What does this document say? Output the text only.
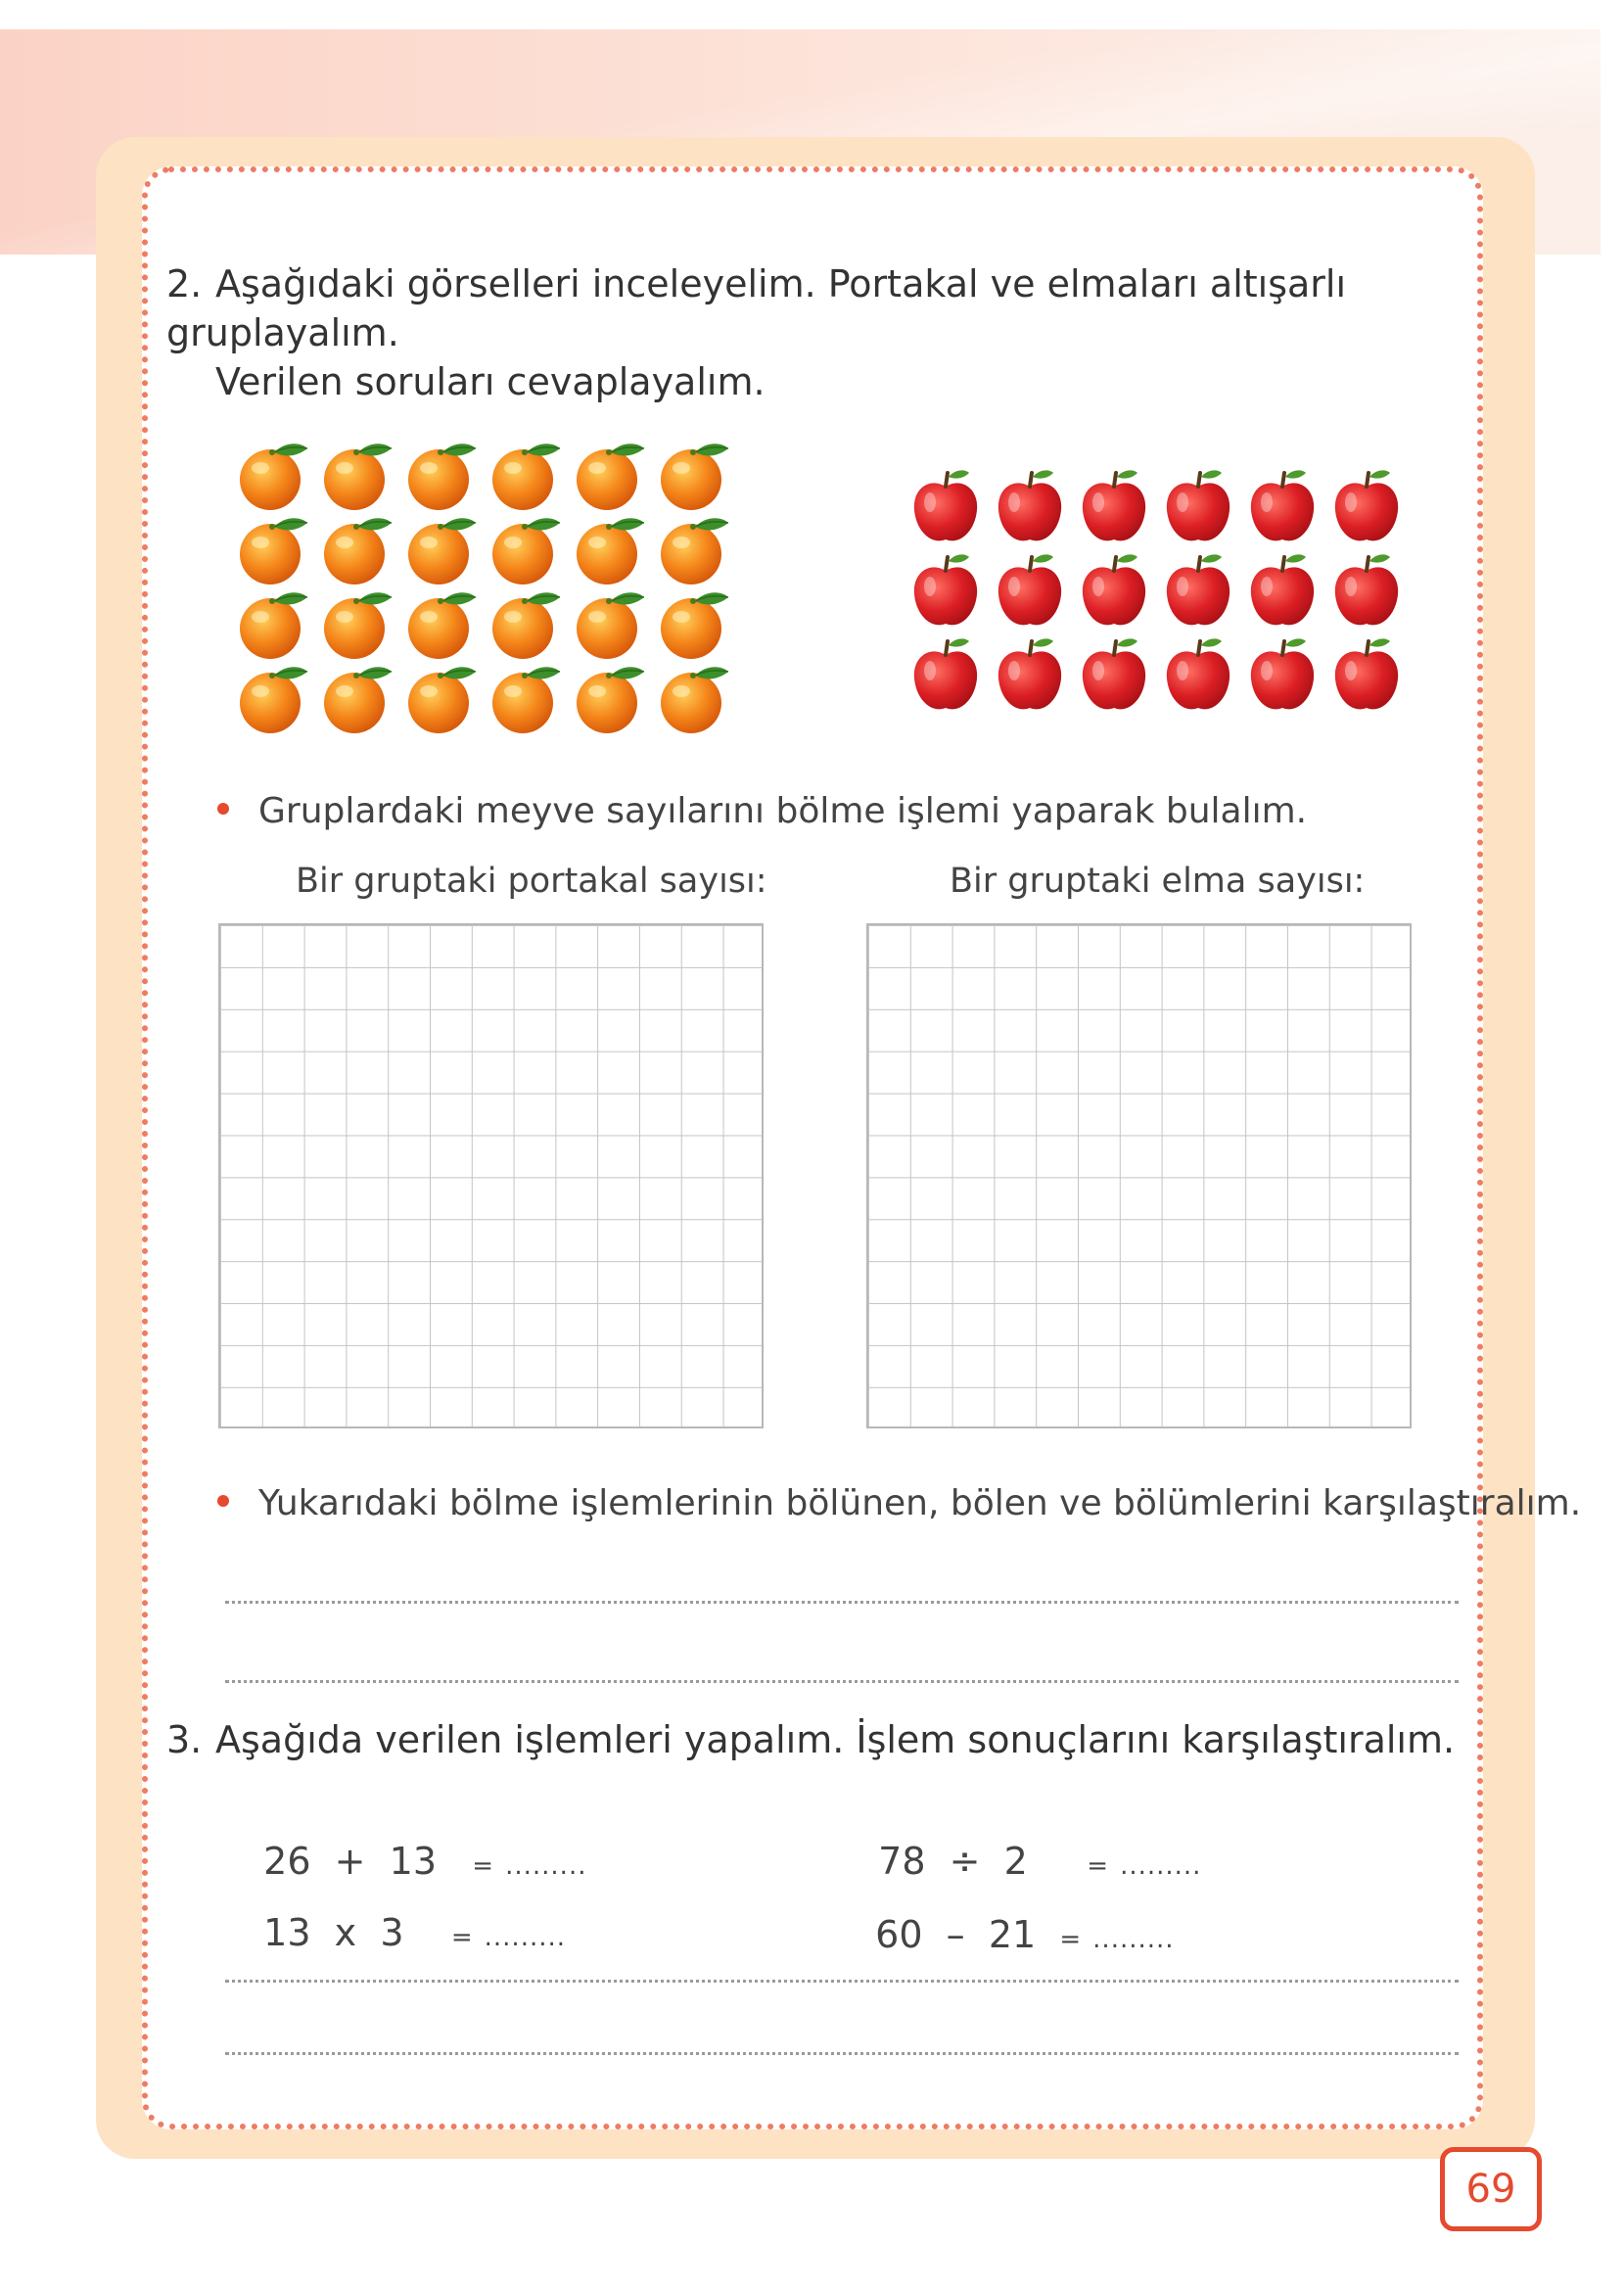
2. Aşağıdaki görselleri inceleyelim. Portakal ve elmaları altışarlı gruplayalım.
Verilen soruları cevaplayalım.
Gruplardaki meyve sayılarını bölme işlemi yaparak bulalım.
Bir gruptaki portakal sayısı:	Bir gruptaki elma sayısı:
Yukarıdaki bölme işlemlerinin bölünen, bölen ve bölümlerini karşılaştıralım.
3. Aşağıda verilen işlemleri yapalım. İşlem sonuçlarını karşılaştıralım.

26  +  13 = .........	78  ÷  2 = .........

13  x  3 = .........	60  –  21 = .........

69
